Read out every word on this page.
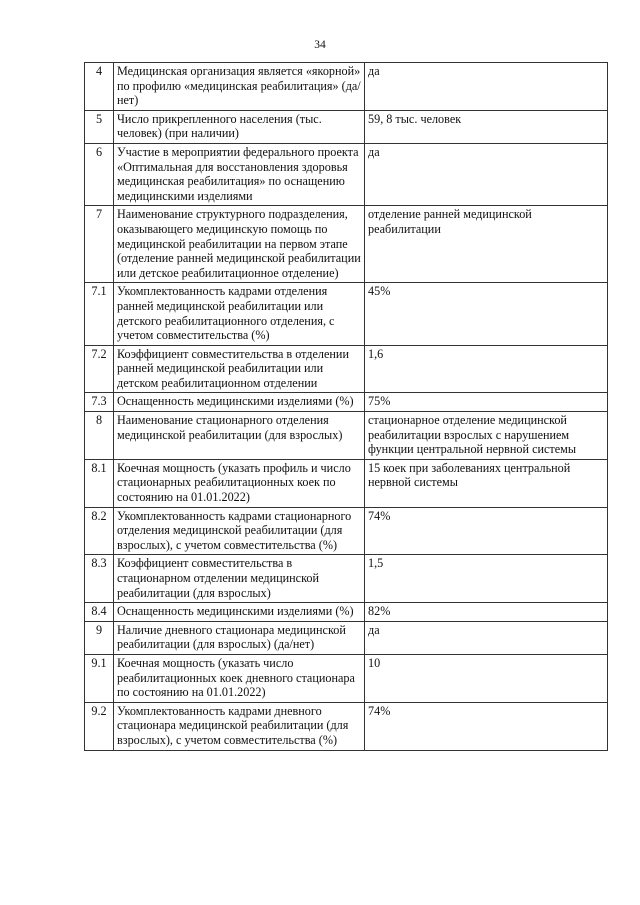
34
4	Медицинская организация является «якорной» по профилю «медицинская реабилитация» (да/нет)	да
5	Число прикрепленного населения (тыс. человек) (при наличии)	59, 8 тыс. человек
6	Участие в мероприятии федерального проекта «Оптимальная для восстановления здоровья медицинская реабилитация» по оснащению медицинскими изделиями	да
7	Наименование структурного подразделения, оказывающего медицинскую помощь по медицинской реабилитации на первом этапе (отделение ранней медицинской реабилитации или детское реабилитационное отделение)	отделение ранней медицинской реабилитации
7.1	Укомплектованность кадрами отделения ранней медицинской реабилитации или детского реабилитационного отделения, с учетом совместительства (%)	45%
7.2	Коэффициент совместительства в отделении ранней медицинской реабилитации или детском реабилитационном отделении	1,6
7.3	Оснащенность медицинскими изделиями (%)	75%
8	Наименование стационарного отделения медицинской реабилитации (для взрослых)	стационарное отделение медицинской реабилитации взрослых с нарушением функции центральной нервной системы
8.1	Коечная мощность (указать профиль и число стационарных реабилитационных коек по состоянию на 01.01.2022)	15 коек при заболеваниях центральной нервной системы
8.2	Укомплектованность кадрами стационарного отделения медицинской реабилитации (для взрослых), с учетом совместительства (%)	74%
8.3	Коэффициент совместительства в стационарном отделении медицинской реабилитации (для взрослых)	1,5
8.4	Оснащенность медицинскими изделиями (%)	82%
9	Наличие дневного стационара медицинской реабилитации (для взрослых) (да/нет)	да
9.1	Коечная мощность (указать число реабилитационных коек дневного стационара по состоянию на 01.01.2022)	10
9.2	Укомплектованность кадрами дневного стационара медицинской реабилитации (для взрослых), с учетом совместительства (%)	74%
